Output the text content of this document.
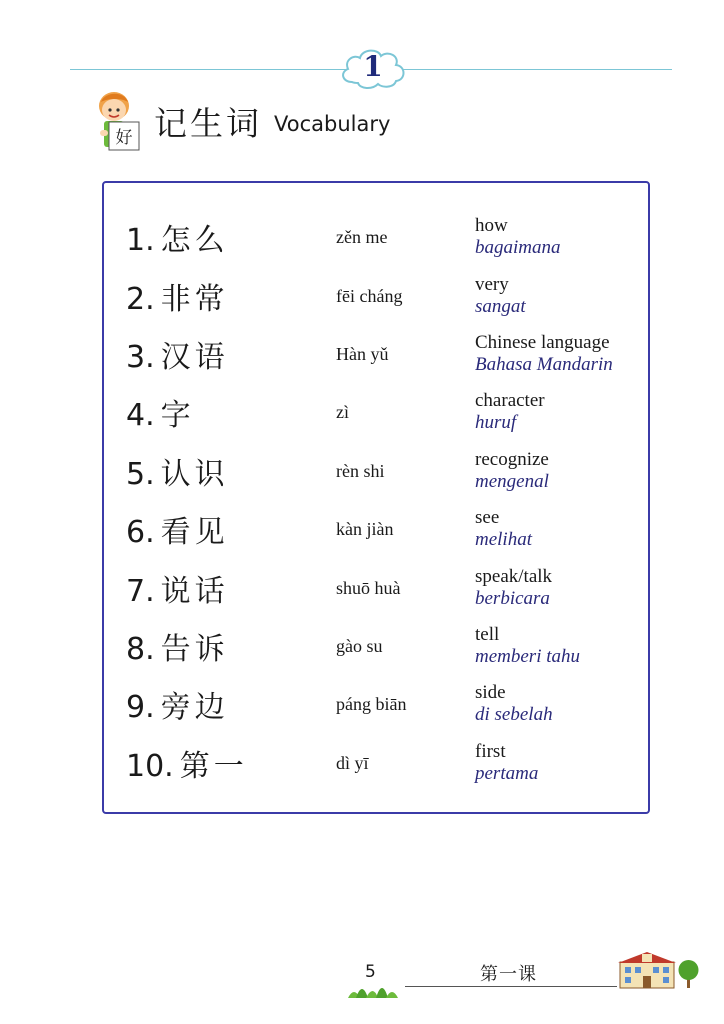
1
好 记生词 Vocabulary
1. 怎么	zěn me
how
bagaimana
2. 非常	fēi cháng
very
sangat
3. 汉语	Hàn yǔ
Chinese language
Bahasa Mandarin
4. 字	zì
character
huruf
5. 认识	rèn shi
recognize
mengenal
6. 看见	kàn jiàn
see
melihat
7. 说话	shuō huà
speak/talk
berbicara
8. 告诉	gào su
tell
memberi tahu
9. 旁边	páng biān
side
di sebelah
10. 第一	dì yī
first
pertama
5	第一课
